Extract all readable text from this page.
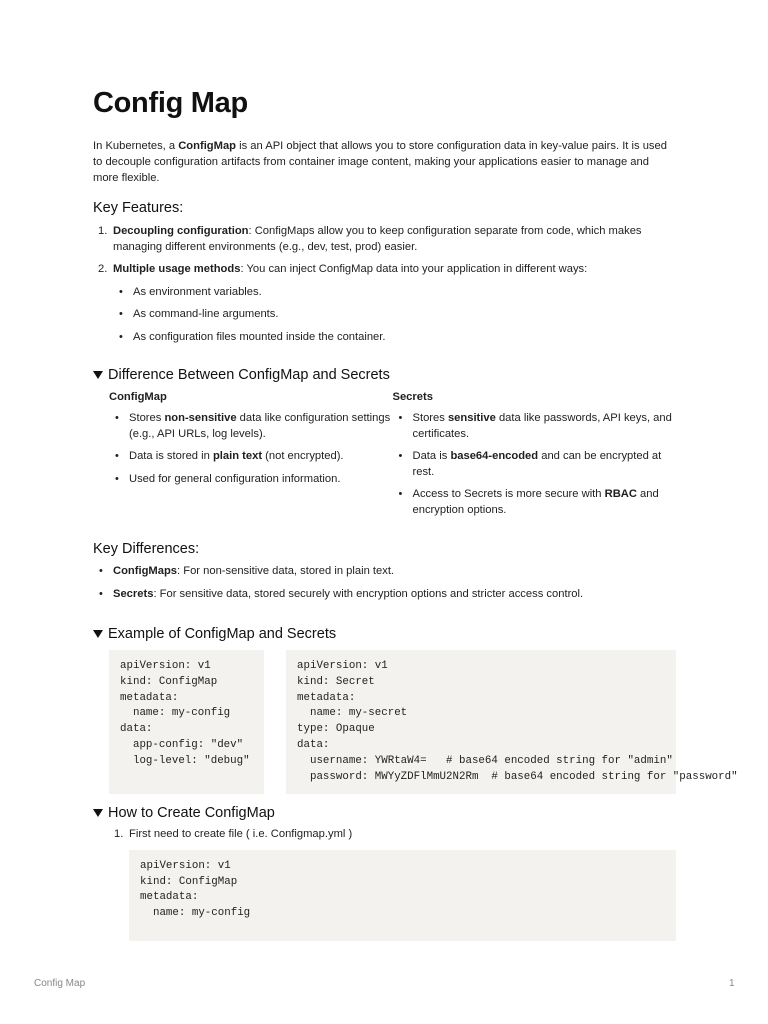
Config Map

In Kubernetes, a ConfigMap is an API object that allows you to store configuration data in key-value pairs. It is used to decouple configuration artifacts from container image content, making your applications easier to manage and more flexible.

Key Features:
1. Decoupling configuration: ConfigMaps allow you to keep configuration separate from code, which makes managing different environments (e.g., dev, test, prod) easier.
2. Multiple usage methods: You can inject ConfigMap data into your application in different ways:
• As environment variables.
• As command-line arguments.
• As configuration files mounted inside the container.
Difference Between ConfigMap and Secrets
ConfigMap
• Stores non-sensitive data like configuration settings (e.g., API URLs, log levels).
• Data is stored in plain text (not encrypted).
• Used for general configuration information.
Secrets
• Stores sensitive data like passwords, API keys, and certificates.
• Data is base64-encoded and can be encrypted at rest.
• Access to Secrets is more secure with RBAC and encryption options.
Key Differences:
• ConfigMaps: For non-sensitive data, stored in plain text.
• Secrets: For sensitive data, stored securely with encryption options and stricter access control.
Example of ConfigMap and Secrets
apiVersion: v1
kind: ConfigMap
metadata:
name: my-config
data:
app-config: "dev"
log-level: "debug"
apiVersion: v1
kind: Secret
metadata:
name: my-secret
type: Opaque
data:
username: YWRtaW4=   # base64 encoded string for "admin"
password: MWYyZDFlMmU2N2Rm  # base64 encoded string for "password"
How to Create ConfigMap
1. First need to create file ( i.e. Configmap.yml )
apiVersion: v1
kind: ConfigMap
metadata:
name: my-config
Config Map	1
